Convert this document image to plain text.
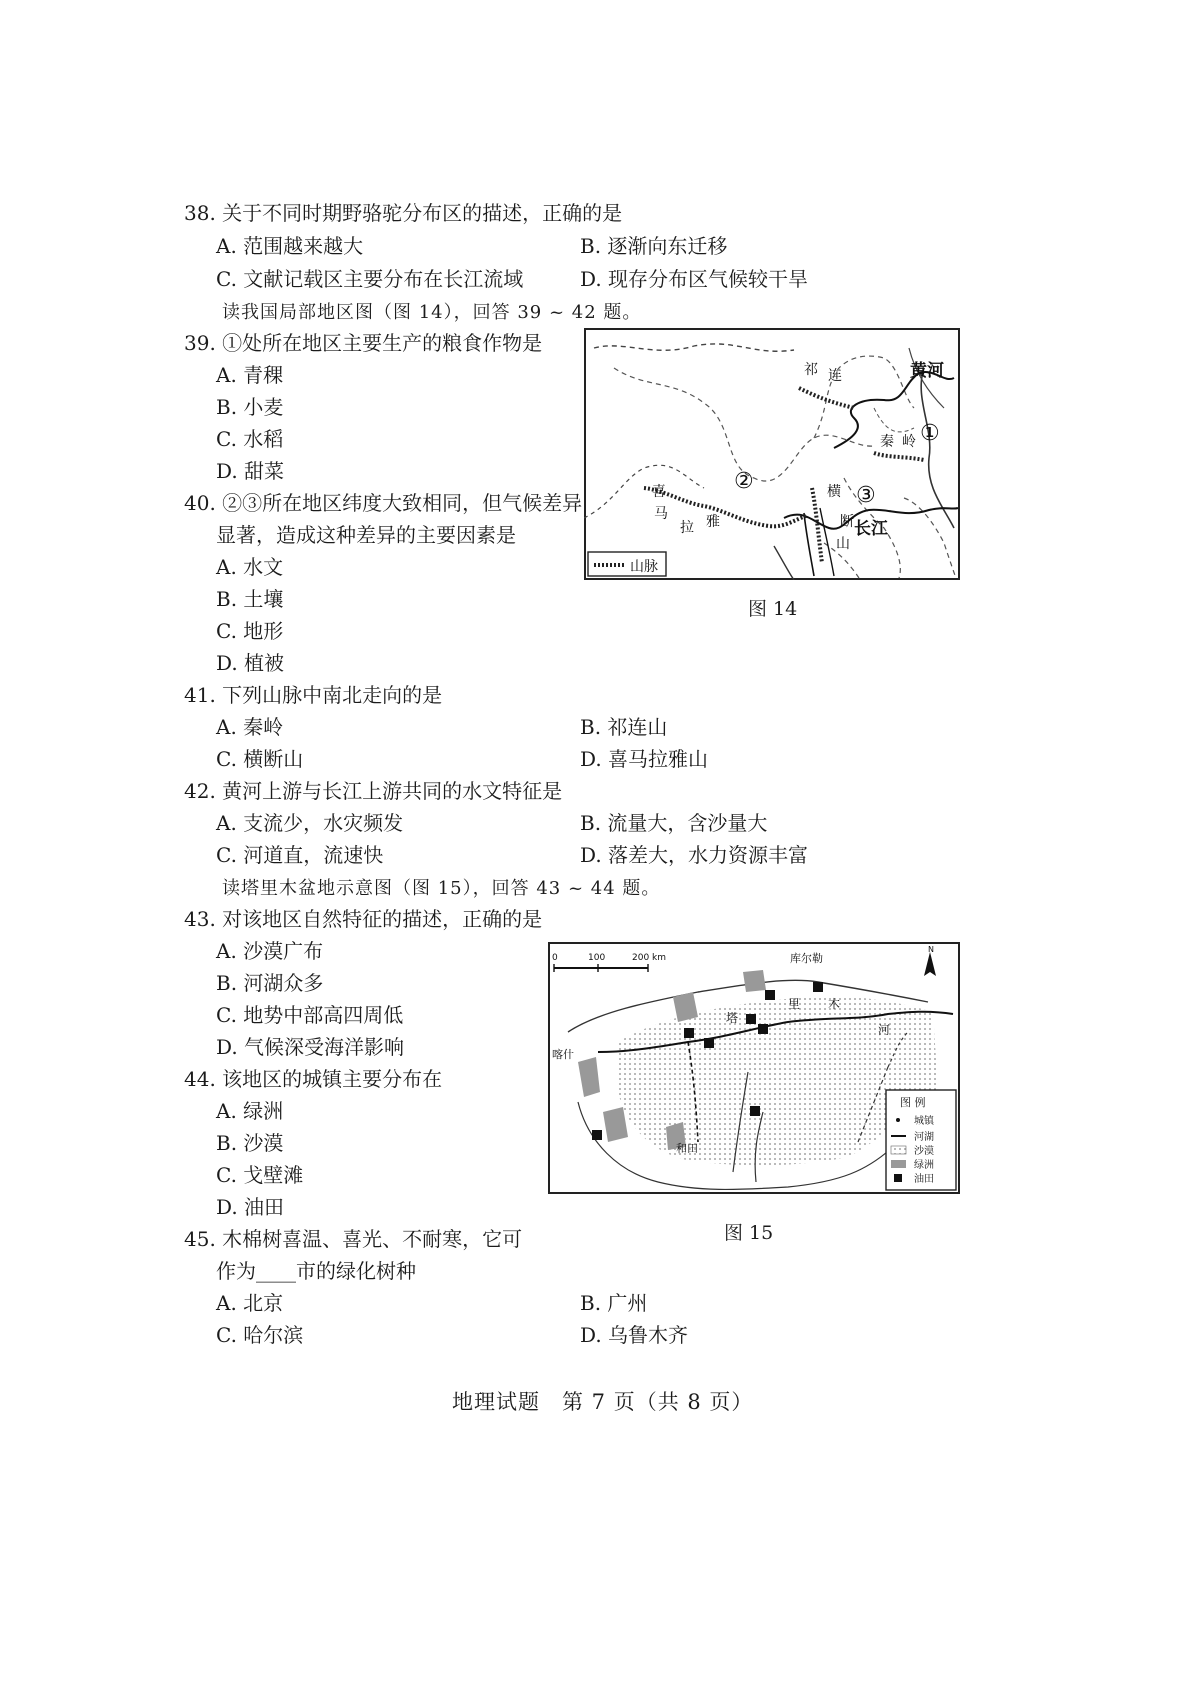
38. 关于不同时期野骆驼分布区的描述，正确的是
A. 范围越来越大	B. 逐渐向东迁移
C. 文献记载区主要分布在长江流域	D. 现存分布区气候较干旱
读我国局部地区图（图 14），回答 39 ~ 42 题。
39. ①处所在地区主要生产的粮食作物是
A. 青稞
B. 小麦
C. 水稻
D. 甜菜
40. ②③所在地区纬度大致相同，但气候差异
显著，造成这种差异的主要因素是
A. 水文
B. 土壤
C. 地形
D. 植被
41. 下列山脉中南北走向的是
A. 秦岭	B. 祁连山
C. 横断山	D. 喜马拉雅山
42. 黄河上游与长江上游共同的水文特征是
A. 支流少，水灾频发	B. 流量大，含沙量大
C. 河道直，流速快	D. 落差大，水力资源丰富
读塔里木盆地示意图（图 15），回答 43 ~ 44 题。
43. 对该地区自然特征的描述，正确的是
A. 沙漠广布
B. 河湖众多
C. 地势中部高四周低
D. 气候深受海洋影响
44. 该地区的城镇主要分布在
A. 绿洲
B. 沙漠
C. 戈壁滩
D. 油田
45. 木棉树喜温、喜光、不耐寒，它可
作为____市的绿化树种
A. 北京	B. 广州
C. 哈尔滨	D. 乌鲁木齐
黄河
长江
①
②
③
祁 连
秦 岭
喜
马
拉 雅
横
断
山
山脉
图 14
0	100	200 km
N
库尔勒
喀什
和田
塔
里 木
河
图 例
城镇
河湖
沙漠
绿洲
油田
图 15
地理试题　第 7 页（共 8 页）
